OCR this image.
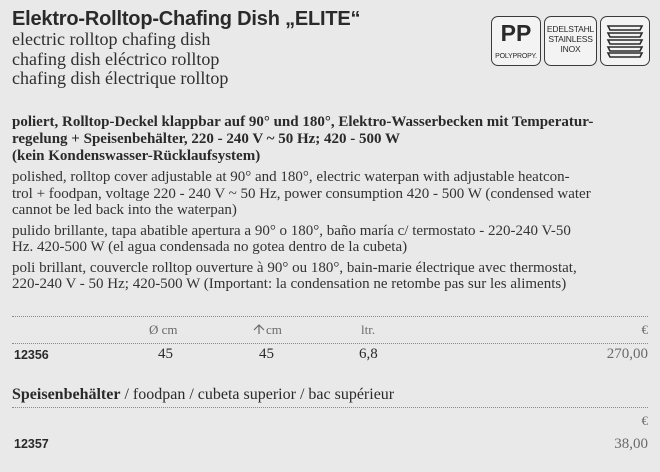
Elektro-Rolltop-Chafing Dish „ELITE“
electric rolltop chafing dish
chafing dish eléctrico rolltop
chafing dish électrique rolltop
PP
POLYPROPY.
EDELSTAHL
STAINLESS
INOX
poliert, Rolltop-Deckel klappbar auf 90° und 180°, Elektro-Wasserbecken mit Temperatur-
regelung + Speisenbehälter, 220 - 240 V ~ 50 Hz; 420 - 500 W
(kein Kondenswasser-Rücklaufsystem)
polished, rolltop cover adjustable at 90° and 180°, electric waterpan with adjustable heatcon-
trol + foodpan, voltage 220 - 240 V ~ 50 Hz, power consumption 420 - 500 W (condensed water
cannot be led back into the waterpan)
pulido brillante, tapa abatible apertura a 90° o 180°, baño maría c/ termostato - 220-240 V-50
Hz. 420-500 W (el agua condensada no gotea dentro de la cubeta)
poli brillant, couvercle rolltop ouverture à 90° ou 180°, bain-marie électrique avec thermostat,
220-240 V - 50 Hz; 420-500 W (Important: la condensation ne retombe pas sur les aliments)
Ø cm	cm	ltr.	€
12356	45	45	6,8	270,00
Speisenbehälter / foodpan / cubeta superior / bac supérieur
€
12357	38,00
